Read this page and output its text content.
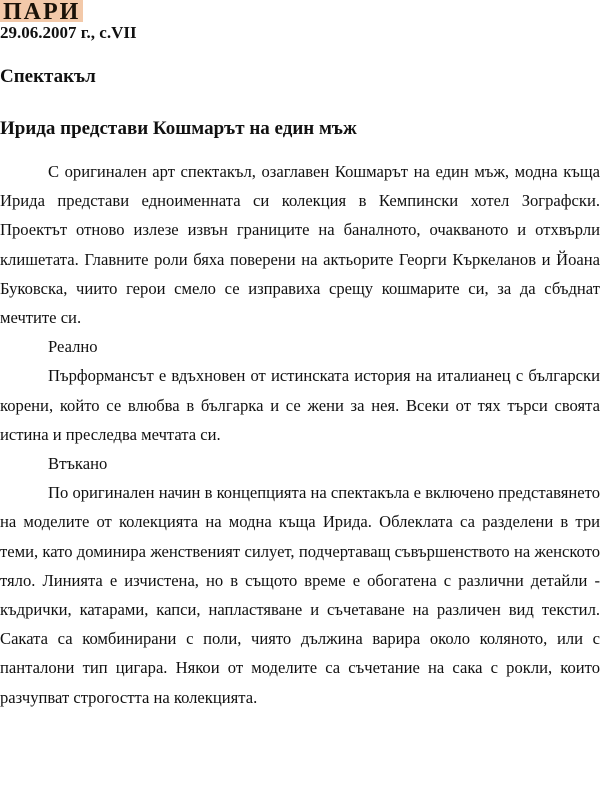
ПАРИ
29.06.2007 г., с.VII
Спектакъл
Ирида представи Кошмарът на един мъж

С оригинален арт спектакъл, озаглавен Кошмарът на един мъж, модна къща Ирида представи едноименната си колекция в Кемпински хотел Зографски. Проектът отново излезе извън границите на баналното, очакваното и отхвърли клишетата. Главните роли бяха поверени на актьорите Георги Къркеланов и Йоана Буковска, чиито герои смело се изправиха срещу кошмарите си, за да сбъднат мечтите си.

Реално

Пърформансът е вдъхновен от истинската история на италианец с български корени, който се влюбва в българка и се жени за нея. Всеки от тях търси своята истина и преследва мечтата си.

Втъкано

По оригинален начин в концепцията на спектакъла е включено представянето на моделите от колекцията на модна къща Ирида. Облеклата са разделени в три теми, като доминира женственият силует, подчертаващ съвършенството на женското тяло. Линията е изчистена, но в същото време е обогатена с различни детайли - къдрички, катарами, капси, напластяване и съчетаване на различен вид текстил. Саката са комбинирани с поли, чиято дължина варира около коляното, или с панталони тип цигара. Някои от моделите са съчетание на сака с рокли, които разчупват строгостта на колекцията.
